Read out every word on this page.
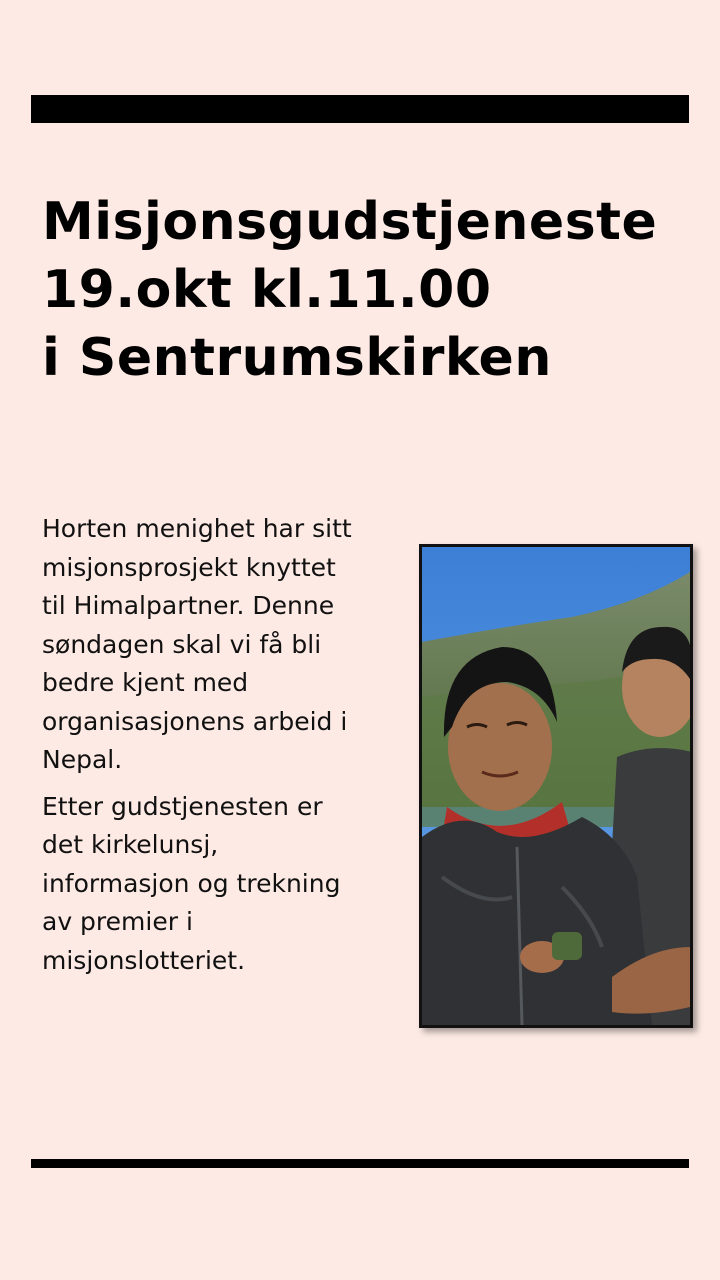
Misjonsgudstjeneste
19.okt kl.11.00
i Sentrumskirken

Horten menighet har sitt
misjonsprosjekt knyttet
til Himalpartner. Denne
søndagen skal vi få bli
bedre kjent med
organisasjonens arbeid i
Nepal.

Etter gudstjenesten er
det kirkelunsj,
informasjon og trekning
av premier i
misjonslotteriet.
